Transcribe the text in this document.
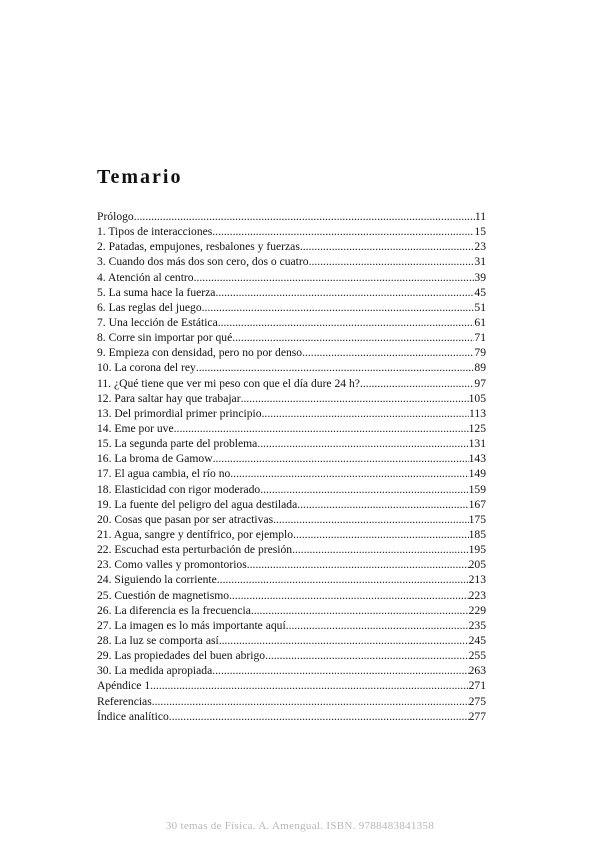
Temario
Prólogo .....	11
1. Tipos de interacciones .....	15
2. Patadas, empujones, resbalones y fuerzas .....	23
3. Cuando dos más dos son cero, dos o cuatro .....	31
4. Atención al centro .....	39
5. La suma hace la fuerza .....	45
6. Las reglas del juego .....	51
7. Una lección de Estática .....	61
8. Corre sin importar por qué .....	71
9. Empieza con densidad, pero no por denso .....	79
10. La corona del rey .....	89
11. ¿Qué tiene que ver mi peso con que el día dure 24 h? .....	97
12. Para saltar hay que trabajar .....	105
13. Del primordial primer principio .....	113
14. Eme por uve .....	125
15. La segunda parte del problema .....	131
16. La broma de Gamow .....	143
17. El agua cambia, el río no .....	149
18. Elasticidad con rigor moderado .....	159
19. La fuente del peligro del agua destilada .....	167
20. Cosas que pasan por ser atractivas .....	175
21. Agua, sangre y dentífrico, por ejemplo .....	185
22. Escuchad esta perturbación de presión .....	195
23. Como valles y promontorios .....	205
24. Siguiendo la corriente .....	213
25. Cuestión de magnetismo .....	223
26. La diferencia es la frecuencia .....	229
27. La imagen es lo más importante aquí .....	235
28. La luz se comporta así .....	245
29. Las propiedades del buen abrigo .....	255
30. La medida apropiada .....	263
Apéndice 1 .....	271
Referencias .....	275
Índice analítico .....	277
30 temas de Física. A. Amengual. ISBN. 9788483841358
